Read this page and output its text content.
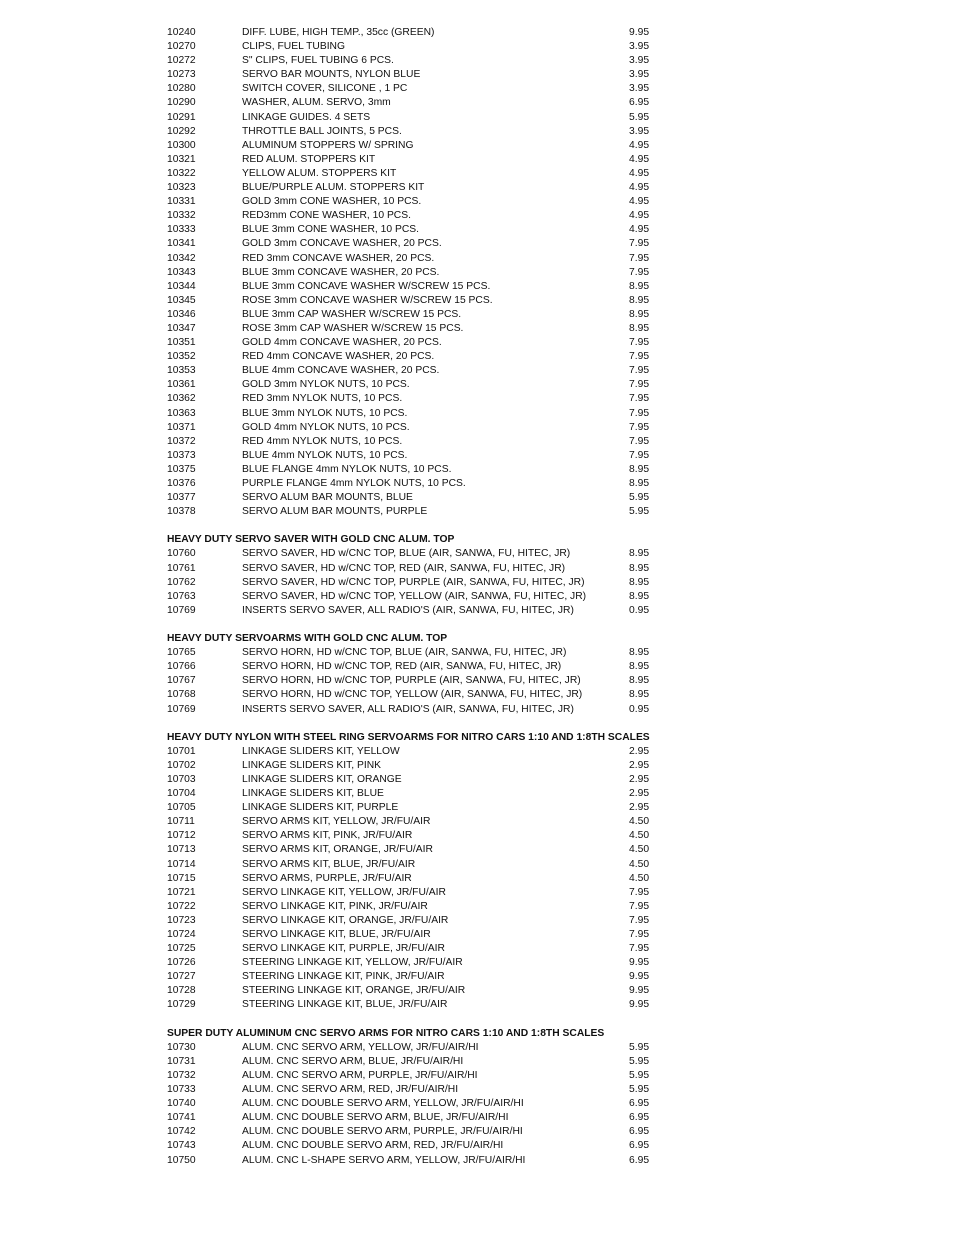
10240	DIFF. LUBE, HIGH TEMP., 35cc (GREEN)	9.95
10270	CLIPS, FUEL TUBING	3.95
10272	S" CLIPS, FUEL TUBING 6 PCS.	3.95
10273	SERVO BAR MOUNTS, NYLON BLUE	3.95
10280	SWITCH COVER, SILICONE , 1 PC	3.95
10290	WASHER, ALUM. SERVO, 3mm	6.95
10291	LINKAGE GUIDES. 4 SETS	5.95
10292	THROTTLE BALL JOINTS, 5 PCS.	3.95
10300	ALUMINUM STOPPERS W/ SPRING	4.95
10321	RED ALUM. STOPPERS KIT	4.95
10322	YELLOW ALUM. STOPPERS KIT	4.95
10323	BLUE/PURPLE ALUM. STOPPERS KIT	4.95
10331	GOLD 3mm CONE WASHER, 10 PCS.	4.95
10332	RED3mm CONE WASHER, 10 PCS.	4.95
10333	BLUE 3mm CONE WASHER, 10 PCS.	4.95
10341	GOLD 3mm CONCAVE WASHER, 20 PCS.	7.95
10342	RED 3mm CONCAVE WASHER, 20 PCS.	7.95
10343	BLUE 3mm CONCAVE WASHER, 20 PCS.	7.95
10344	BLUE 3mm CONCAVE WASHER W/SCREW 15 PCS.	8.95
10345	ROSE 3mm CONCAVE WASHER W/SCREW 15 PCS.	8.95
10346	BLUE 3mm CAP WASHER W/SCREW 15 PCS.	8.95
10347	ROSE 3mm CAP WASHER W/SCREW 15 PCS.	8.95
10351	GOLD 4mm CONCAVE WASHER, 20 PCS.	7.95
10352	RED 4mm CONCAVE WASHER, 20 PCS.	7.95
10353	BLUE 4mm CONCAVE WASHER, 20 PCS.	7.95
10361	GOLD 3mm NYLOK NUTS, 10 PCS.	7.95
10362	RED 3mm NYLOK NUTS, 10 PCS.	7.95
10363	BLUE 3mm NYLOK NUTS, 10 PCS.	7.95
10371	GOLD 4mm NYLOK NUTS, 10 PCS.	7.95
10372	RED 4mm NYLOK NUTS, 10 PCS.	7.95
10373	BLUE 4mm NYLOK NUTS, 10 PCS.	7.95
10375	BLUE FLANGE 4mm NYLOK NUTS, 10 PCS.	8.95
10376	PURPLE FLANGE 4mm NYLOK NUTS, 10 PCS.	8.95
10377	SERVO ALUM BAR MOUNTS, BLUE	5.95
10378	SERVO ALUM BAR MOUNTS, PURPLE	5.95
HEAVY DUTY SERVO SAVER WITH GOLD CNC ALUM. TOP
10760	SERVO SAVER, HD w/CNC TOP, BLUE (AIR, SANWA, FU, HITEC, JR)	8.95
10761	SERVO SAVER, HD w/CNC TOP, RED (AIR, SANWA, FU, HITEC, JR)	8.95
10762	SERVO SAVER, HD w/CNC TOP, PURPLE (AIR, SANWA, FU, HITEC, JR)	8.95
10763	SERVO SAVER, HD w/CNC TOP, YELLOW (AIR, SANWA, FU, HITEC, JR)	8.95
10769	INSERTS SERVO SAVER, ALL RADIO'S (AIR, SANWA, FU, HITEC, JR)	0.95
HEAVY DUTY SERVOARMS WITH GOLD CNC ALUM. TOP
10765	SERVO HORN, HD w/CNC TOP, BLUE (AIR, SANWA, FU, HITEC, JR)	8.95
10766	SERVO HORN, HD w/CNC TOP, RED (AIR, SANWA, FU, HITEC, JR)	8.95
10767	SERVO HORN, HD w/CNC TOP, PURPLE (AIR, SANWA, FU, HITEC, JR)	8.95
10768	SERVO HORN, HD w/CNC TOP, YELLOW (AIR, SANWA, FU, HITEC, JR)	8.95
10769	INSERTS SERVO SAVER, ALL RADIO'S (AIR, SANWA, FU, HITEC, JR)	0.95
HEAVY DUTY NYLON WITH STEEL RING SERVOARMS FOR NITRO CARS 1:10 AND 1:8TH SCALES
10701	LINKAGE SLIDERS KIT, YELLOW	2.95
10702	LINKAGE SLIDERS KIT, PINK	2.95
10703	LINKAGE SLIDERS KIT, ORANGE	2.95
10704	LINKAGE SLIDERS KIT, BLUE	2.95
10705	LINKAGE SLIDERS KIT, PURPLE	2.95
10711	SERVO ARMS KIT, YELLOW, JR/FU/AIR	4.50
10712	SERVO ARMS KIT, PINK, JR/FU/AIR	4.50
10713	SERVO ARMS KIT, ORANGE, JR/FU/AIR	4.50
10714	SERVO ARMS KIT, BLUE, JR/FU/AIR	4.50
10715	SERVO ARMS, PURPLE, JR/FU/AIR	4.50
10721	SERVO LINKAGE KIT, YELLOW, JR/FU/AIR	7.95
10722	SERVO LINKAGE KIT, PINK, JR/FU/AIR	7.95
10723	SERVO LINKAGE KIT, ORANGE, JR/FU/AIR	7.95
10724	SERVO LINKAGE KIT, BLUE, JR/FU/AIR	7.95
10725	SERVO LINKAGE KIT, PURPLE, JR/FU/AIR	7.95
10726	STEERING LINKAGE KIT, YELLOW, JR/FU/AIR	9.95
10727	STEERING LINKAGE KIT, PINK, JR/FU/AIR	9.95
10728	STEERING LINKAGE KIT, ORANGE, JR/FU/AIR	9.95
10729	STEERING LINKAGE KIT, BLUE, JR/FU/AIR	9.95
SUPER DUTY ALUMINUM CNC SERVO ARMS FOR NITRO CARS 1:10 AND 1:8TH SCALES
10730	ALUM. CNC SERVO ARM, YELLOW, JR/FU/AIR/HI	5.95
10731	ALUM. CNC SERVO ARM, BLUE, JR/FU/AIR/HI	5.95
10732	ALUM. CNC SERVO ARM, PURPLE, JR/FU/AIR/HI	5.95
10733	ALUM. CNC SERVO ARM, RED, JR/FU/AIR/HI	5.95
10740	ALUM. CNC DOUBLE SERVO ARM, YELLOW, JR/FU/AIR/HI	6.95
10741	ALUM. CNC DOUBLE SERVO ARM, BLUE, JR/FU/AIR/HI	6.95
10742	ALUM. CNC DOUBLE SERVO ARM, PURPLE, JR/FU/AIR/HI	6.95
10743	ALUM. CNC DOUBLE SERVO ARM, RED, JR/FU/AIR/HI	6.95
10750	ALUM. CNC L-SHAPE SERVO ARM, YELLOW, JR/FU/AIR/HI	6.95
